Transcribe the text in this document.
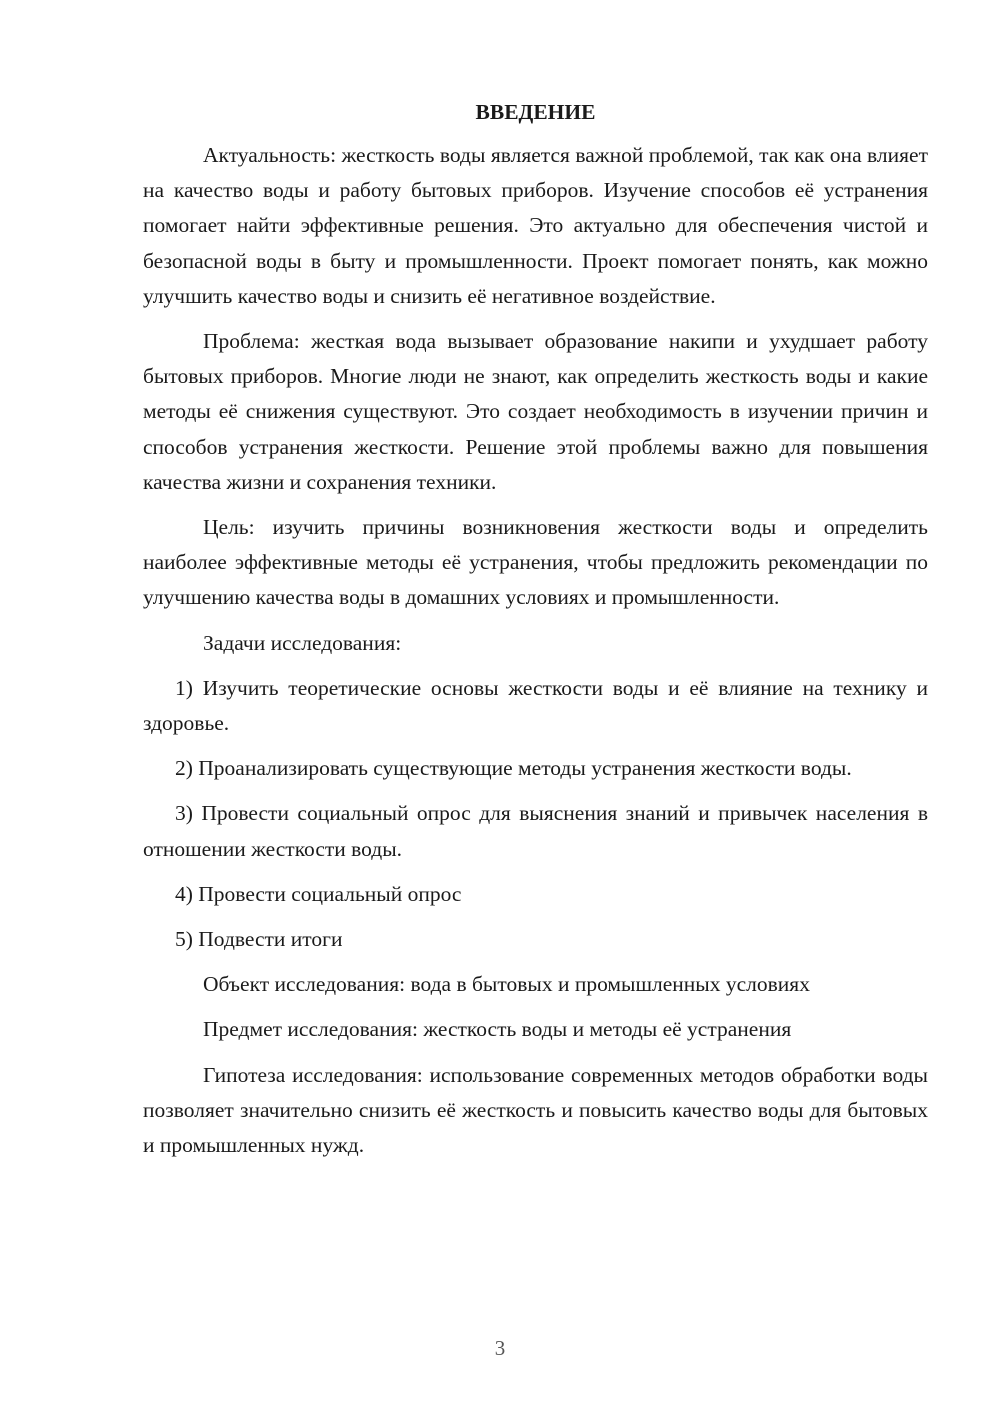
ВВЕДЕНИЕ

Актуальность: жесткость воды является важной проблемой, так как она влияет на качество воды и работу бытовых приборов. Изучение способов её устранения помогает найти эффективные решения. Это актуально для обеспечения чистой и безопасной воды в быту и промышленности. Проект помогает понять, как можно улучшить качество воды и снизить её негативное воздействие.

Проблема: жесткая вода вызывает образование накипи и ухудшает работу бытовых приборов. Многие люди не знают, как определить жесткость воды и какие методы её снижения существуют. Это создает необходимость в изучении причин и способов устранения жесткости. Решение этой проблемы важно для повышения качества жизни и сохранения техники.

Цель: изучить причины возникновения жесткости воды и определить наиболее эффективные методы её устранения, чтобы предложить рекомендации по улучшению качества воды в домашних условиях и промышленности.

Задачи исследования:

1) Изучить теоретические основы жесткости воды и её влияние на технику и здоровье.

2) Проанализировать существующие методы устранения жесткости воды.

3) Провести социальный опрос для выяснения знаний и привычек населения в отношении жесткости воды.

4) Провести социальный опрос

5) Подвести итоги

Объект исследования: вода в бытовых и промышленных условиях

Предмет исследования: жесткость воды и методы её устранения

Гипотеза исследования: использование современных методов обработки воды позволяет значительно снизить её жесткость и повысить качество воды для бытовых и промышленных нужд.

3
